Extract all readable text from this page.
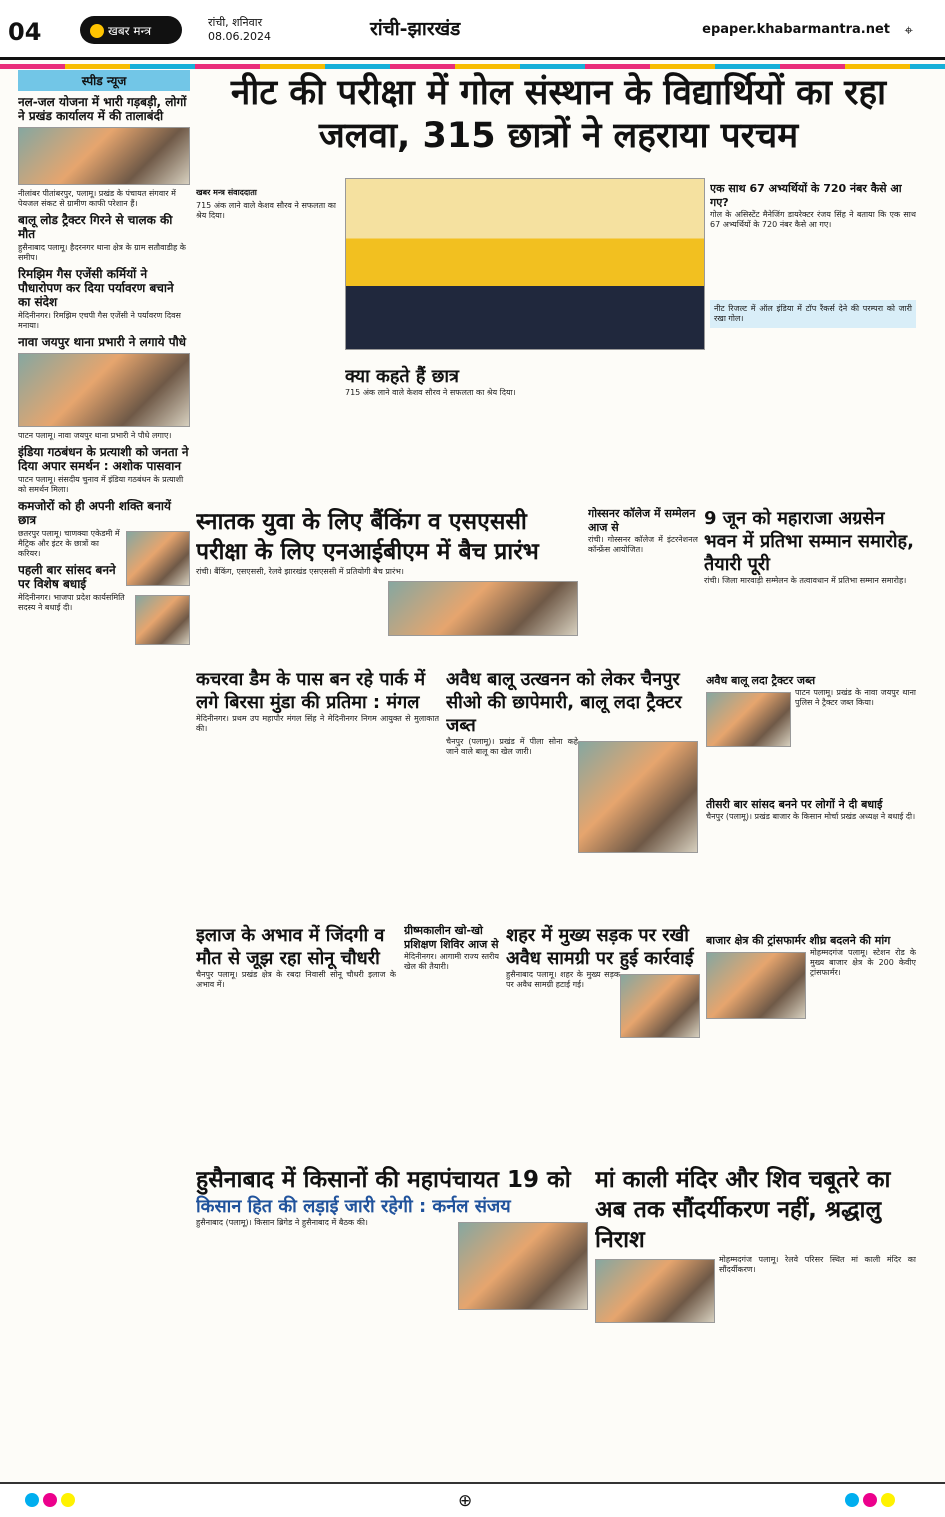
04	खबर मन्त्र
रांची, शनिवार
08.06.2024	रांची-झारखंड	epaper.khabarmantra.net ⌖
स्पीड न्यूज
नल-जल योजना में भारी गड़बड़ी, लोगों ने प्रखंड कार्यालय में की तालाबंदी
नीलांबर पीतांबरपुर, पलामू। प्रखंड के पंचायत संगवार में पेयजल संकट से ग्रामीण काफी परेशान हैं।
बालू लोड ट्रैक्टर गिरने से चालक की मौत
हुसैनाबाद पलामू। हैदरनगर थाना क्षेत्र के ग्राम सतौवाडीह के समीप।
रिमझिम गैस एजेंसी कर्मियों ने पौधारोपण कर दिया पर्यावरण बचाने का संदेश
मेदिनीनगर। रिमझिम एचपी गैस एजेंसी ने पर्यावरण दिवस मनाया।
नावा जयपुर थाना प्रभारी ने लगाये पौधे
पाटन पलामू। नावा जयपुर थाना प्रभारी ने पौधे लगाए।
इंडिया गठबंधन के प्रत्याशी को जनता ने दिया अपार समर्थन : अशोक पासवान
पाटन पलामू। संसदीय चुनाव में इंडिया गठबंधन के प्रत्याशी को समर्थन मिला।
कमजोरों को ही अपनी शक्ति बनायें छात्र
छतरपुर पलामू। चाणक्या एकेडमी में मैट्रिक और इंटर के छात्रों का करियर।
पहली बार सांसद बनने पर विशेष बधाई
मेदिनीनगर। भाजपा प्रदेश कार्यसमिति सदस्य ने बधाई दी।
नीट की परीक्षा में गोल संस्थान के विद्यार्थियों का रहा जलवा, 315 छात्रों ने लहराया परचम
खबर मन्त्र संवाददाता
715 अंक लाने वाले केशव सौरव ने सफलता का श्रेय दिया।
एक साथ 67 अभ्यर्थियों के 720 नंबर कैसे आ गए?
गोल के असिस्टेंट मैनेजिंग डायरेक्टर रंजय सिंह ने बताया कि एक साथ 67 अभ्यर्थियों के 720 नंबर कैसे आ गए।
नीट रिजल्ट में ऑल इंडिया में टॉप रैंकर्स देने की परम्परा को जारी रखा गोल।
क्या कहते हैं छात्र
715 अंक लाने वाले केशव सौरव ने सफलता का श्रेय दिया।
स्नातक युवा के लिए बैंकिंग व एसएससी परीक्षा के लिए एनआईबीएम में बैच प्रारंभ
रांची। बैंकिंग, एसएससी, रेलवे झारखंड एसएससी में प्रतियोगी बैच प्रारंभ।
गोस्सनर कॉलेज में सम्मेलन आज से
रांची। गोस्सनर कॉलेज में इंटरनेशनल कॉन्फ्रेंस आयोजित।
9 जून को महाराजा अग्रसेन भवन में प्रतिभा सम्मान समारोह, तैयारी पूरी
रांची। जिला मारवाड़ी सम्मेलन के तत्वावधान में प्रतिभा सम्मान समारोह।
कचरवा डैम के पास बन रहे पार्क में लगे बिरसा मुंडा की प्रतिमा : मंगल
मेदिनीनगर। प्रथम उप महापौर मंगल सिंह ने मेदिनीनगर निगम आयुक्त से मुलाकात की।
अवैध बालू उत्खनन को लेकर चैनपुर सीओ की छापेमारी, बालू लदा ट्रैक्टर जब्त
चैनपुर (पलामू)। प्रखंड में पीला सोना कहे जाने वाले बालू का खेल जारी।
अवैध बालू लदा ट्रैक्टर जब्त
पाटन पलामू। प्रखंड के नावा जयपुर थाना पुलिस ने ट्रैक्टर जब्त किया।
तीसरी बार सांसद बनने पर लोगों ने दी बधाई
चैनपुर (पलामू)। प्रखंड बाजार के किसान मोर्चा प्रखंड अध्यक्ष ने बधाई दी।
इलाज के अभाव में जिंदगी व मौत से जूझ रहा सोनू चौधरी
चैनपुर पलामू। प्रखंड क्षेत्र के रबदा निवासी सोनू चौधरी इलाज के अभाव में।
ग्रीष्मकालीन खो-खो प्रशिक्षण शिविर आज से
मेदिनीनगर। आगामी राज्य स्तरीय खेल की तैयारी।
शहर में मुख्य सड़क पर रखी अवैध सामग्री पर हुई कार्रवाई
हुसैनाबाद पलामू। शहर के मुख्य सड़क पर अवैध सामग्री हटाई गई।
बाजार क्षेत्र की ट्रांसफार्मर शीघ्र बदलने की मांग
मोहम्मदगंज पलामू। स्टेशन रोड के मुख्य बाजार क्षेत्र के 200 केवीए ट्रांसफार्मर।
हुसैनाबाद में किसानों की महापंचायत 19 को
किसान हित की लड़ाई जारी रहेगी : कर्नल संजय
हुसैनाबाद (पलामू)। किसान ब्रिगेड ने हुसैनाबाद में बैठक की।
मां काली मंदिर और शिव चबूतरे का अब तक सौंदर्यीकरण नहीं, श्रद्धालु निराश
मोहम्मदगंज पलामू। रेलवे परिसर स्थित मां काली मंदिर का सौंदर्यीकरण।
⊕
